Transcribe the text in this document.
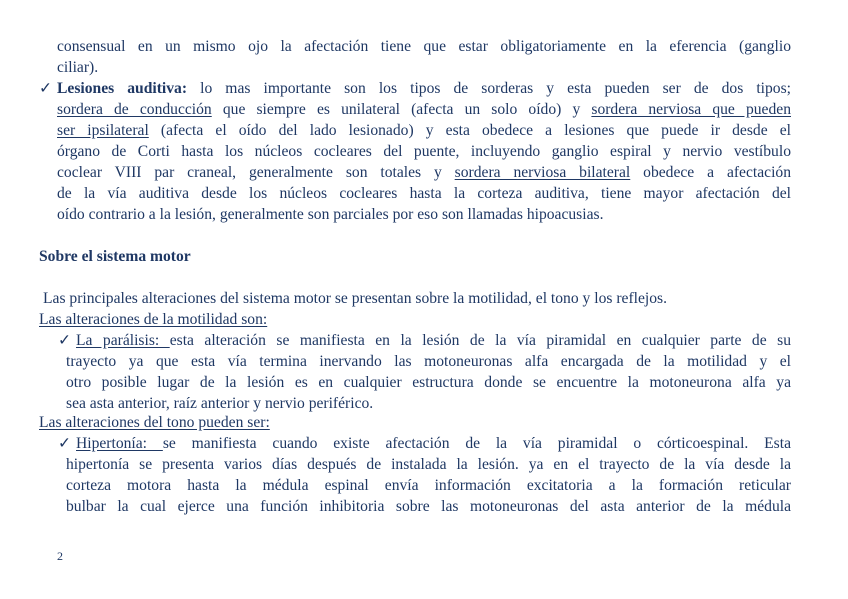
consensual en un mismo ojo la afectación tiene que estar obligatoriamente en la eferencia (ganglio
ciliar).
✓ Lesiones auditiva: lo mas importante son los tipos de sorderas y esta pueden ser de dos tipos;
sordera de conducción que siempre es unilateral (afecta un solo oído) y sordera nerviosa que pueden
ser ipsilateral (afecta el oído del lado lesionado) y esta obedece a lesiones que puede ir desde el
órgano de Corti hasta los núcleos cocleares del puente, incluyendo ganglio espiral y nervio vestíbulo
coclear VIII par craneal, generalmente son totales y sordera nerviosa bilateral obedece a afectación
de la vía auditiva desde los núcleos cocleares hasta la corteza auditiva, tiene mayor afectación del
oído contrario a la lesión, generalmente son parciales por eso son llamadas hipoacusias.
Sobre el sistema motor
Las principales alteraciones del sistema motor se presentan sobre la motilidad, el tono y los reflejos.
Las alteraciones de la motilidad son:
✓ La parálisis: esta alteración se manifiesta en la lesión de la vía piramidal en cualquier parte de su
trayecto ya que esta vía termina inervando las motoneuronas alfa encargada de la motilidad y el
otro posible lugar de la lesión es en cualquier estructura donde se encuentre la motoneurona alfa ya
sea asta anterior, raíz anterior y nervio periférico.
Las alteraciones del tono pueden ser:
✓ Hipertonía: se manifiesta cuando existe afectación de la vía piramidal o córticoespinal. Esta
hipertonía se presenta varios días después de instalada la lesión. ya en el trayecto de la vía desde la
corteza motora hasta la médula espinal envía información excitatoria a la formación reticular
bulbar la cual ejerce una función inhibitoria sobre las motoneuronas del asta anterior de la médula
2
